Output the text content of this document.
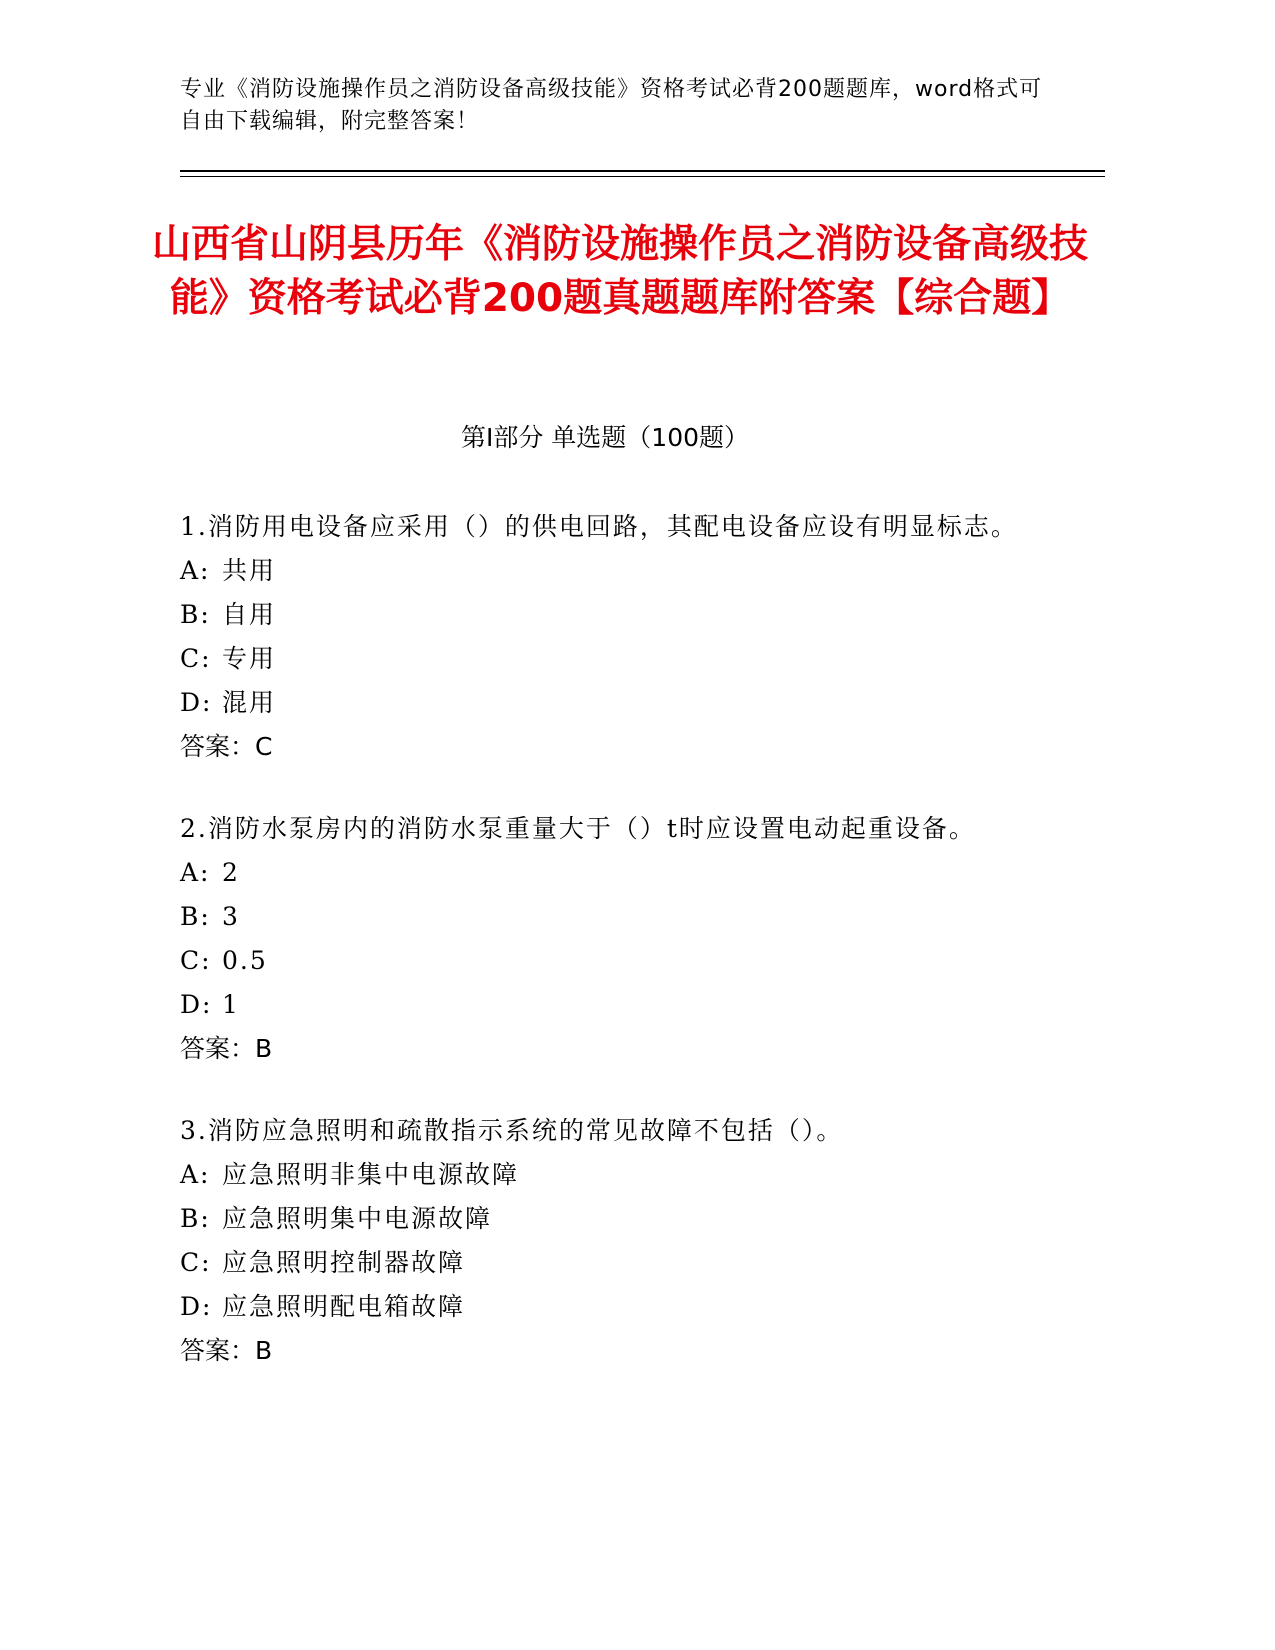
专业《消防设施操作员之消防设备高级技能》资格考试必背200题题库，word格式可自由下载编辑，附完整答案！
山西省山阴县历年《消防设施操作员之消防设备高级技能》资格考试必背200题真题题库附答案【综合题】
第I部分 单选题（100题）
1.消防用电设备应采用（）的供电回路，其配电设备应设有明显标志。
A: 共用
B: 自用
C: 专用
D: 混用
答案：C
2.消防水泵房内的消防水泵重量大于（）t时应设置电动起重设备。
A: 2
B: 3
C: 0.5
D: 1
答案：B
3.消防应急照明和疏散指示系统的常见故障不包括（）。
A: 应急照明非集中电源故障
B: 应急照明集中电源故障
C: 应急照明控制器故障
D: 应急照明配电箱故障
答案：B
